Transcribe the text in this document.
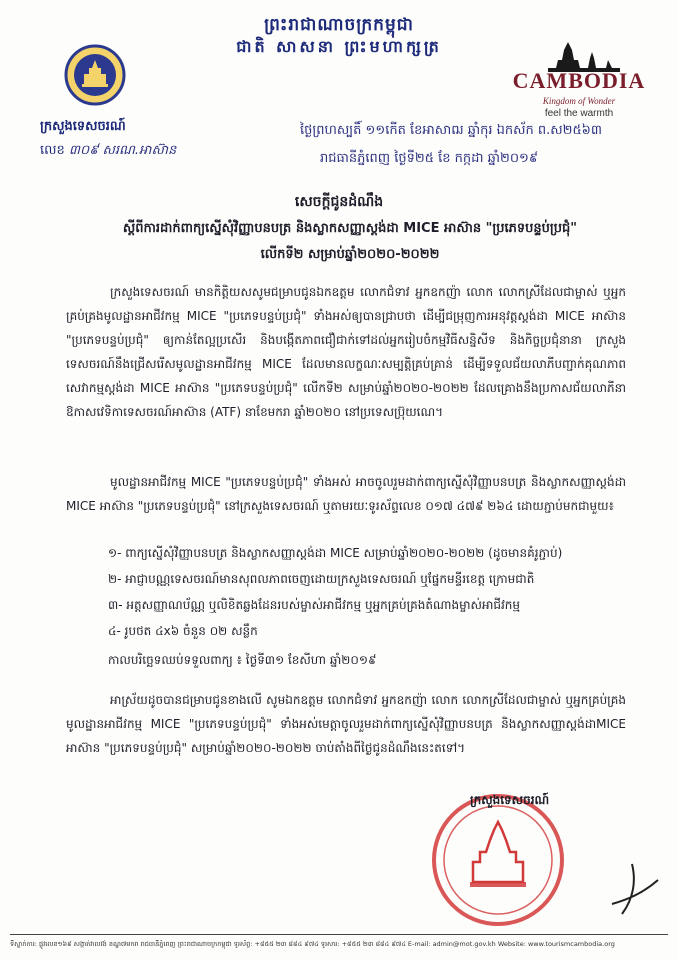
ព្រះរាជាណាចក្រកម្ពុជា
ជាតិ សាសនា ព្រះមហាក្សត្រ
ក្រសួងទេសចរណ៍
លេខ ៣០៩ សរណ.អាស៊ាន
CAMBODIA
Kingdom of Wonder
feel the warmth
ថ្ងៃព្រហស្បតិ៍ ១១កើត ខែអាសាឍ ឆ្នាំកុរ ឯកស័ក ព.ស២៥៦៣
រាជធានីភ្នំពេញ ថ្ងៃទី២៥ ខែ កក្កដា ឆ្នាំ២០១៩
សេចក្តីជូនដំណឹង
ស្តីពីការដាក់ពាក្យស្នើសុំវិញ្ញាបនបត្រ និងស្លាកសញ្ញាស្តង់ដា MICE អាស៊ាន "ប្រភេទបន្ទប់ប្រជុំ"
លើកទី២ សម្រាប់ឆ្នាំ២០២០-២០២២
ក្រសួងទេសចរណ៍ មានកិត្តិយសសូមជម្រាបជូនឯកឧត្តម លោកជំទាវ អ្នកឧកញ៉ា លោក លោកស្រីដែលជាម្ចាស់ ឬអ្នកគ្រប់គ្រងមូលដ្ឋានអាជីវកម្ម MICE "ប្រភេទបន្ទប់ប្រជុំ" ទាំងអស់ឲ្យបានជ្រាបថា ដើម្បីជម្រុញការអនុវត្តស្តង់ដា MICE អាស៊ាន "ប្រភេទបន្ទប់ប្រជុំ" ឲ្យកាន់តែល្អប្រសើរ និងបង្កើតភាពជឿជាក់ទៅដល់អ្នករៀបចំកម្មវិធីសន្និសីទ និងកិច្ចប្រជុំនានា ក្រសួងទេសចរណ៍នឹងជ្រើសរើសមូលដ្ឋានអាជីវកម្ម MICE ដែលមានលក្ខណៈសម្បត្តិគ្រប់គ្រាន់ ដើម្បីទទួលជ័យលាភីបញ្ជាក់គុណភាពសេវាកម្មស្តង់ដា MICE អាស៊ាន "ប្រភេទបន្ទប់ប្រជុំ" លើកទី២ សម្រាប់ឆ្នាំ២០២០-២០២២ ដែលគ្រោងនឹងប្រកាសជ័យលាភីនាឱកាសវេទិកាទេសចរណ៍អាស៊ាន (ATF) នាខែមករា ឆ្នាំ២០២០ នៅប្រទេសប្រ៊ុយណេ។
មូលដ្ឋានអាជីវកម្ម MICE "ប្រភេទបន្ទប់ប្រជុំ" ទាំងអស់ អាចចូលរួមដាក់ពាក្យស្នើសុំវិញ្ញាបនបត្រ និងស្លាកសញ្ញាស្តង់ដា MICE អាស៊ាន "ប្រភេទបន្ទប់ប្រជុំ" នៅក្រសួងទេសចរណ៍ ឬតាមរយៈទូរស័ព្ទលេខ ០១៧ ៤៧៩ ២៦៤ ដោយភ្ជាប់មកជាមួយ៖
១- ពាក្យស្នើសុំវិញ្ញាបនបត្រ និងស្លាកសញ្ញាស្តង់ដា MICE សម្រាប់ឆ្នាំ២០២០-២០២២ (ដូចមានគំរូភ្ជាប់)
២- អាជ្ញាបណ្ណទេសចរណ៍មានសុពលភាពចេញដោយក្រសួងទេសចរណ៍ ឬផ្នែកមន្ទីរខេត្ត ក្រោមជាតិ
៣- អត្តសញ្ញាណប័ណ្ណ ឬលិខិតឆ្លងដែនរបស់ម្ចាស់អាជីវកម្ម ឬអ្នកគ្រប់គ្រងតំណាងម្ចាស់អាជីវកម្ម
៤- រូបថត ៤x៦ ចំនួន ០២ សន្លឹក
កាលបរិច្ឆេទឈប់ទទួលពាក្យ ៖ ថ្ងៃទី៣១ ខែសីហា ឆ្នាំ២០១៩
អាស្រ័យដូចបានជម្រាបជូនខាងលើ សូមឯកឧត្តម លោកជំទាវ អ្នកឧកញ៉ា លោក លោកស្រីដែលជាម្ចាស់ ឬអ្នកគ្រប់គ្រងមូលដ្ឋានអាជីវកម្ម MICE "ប្រភេទបន្ទប់ប្រជុំ" ទាំងអស់មេត្តាចូលរួមដាក់ពាក្យស្នើសុំវិញ្ញាបនបត្រ និងស្លាកសញ្ញាស្តង់ដាMICE អាស៊ាន "ប្រភេទបន្ទប់ប្រជុំ" សម្រាប់ឆ្នាំ២០២០-២០២២ ចាប់តាំងពីថ្ងៃជូនដំណឹងនេះតទៅ។
ក្រសួងទេសចរណ៍
ទីស្នាក់ការ: ផ្លូវលេខ១៦៩ សង្កាត់វាលវង់ ខណ្ឌ៧មករា រាជធានីភ្នំពេញ ព្រះរាជាណាចក្រកម្ពុជា ទូរស័ព្ទ: +៨៥៥ ២៣ ៨៨៤ ៩៧៤ ទូរសារ: +៨៥៥ ២៣ ៨៨៤ ៩៧៤ E-mail: admin@mot.gov.kh Website: www.tourismcambodia.org
